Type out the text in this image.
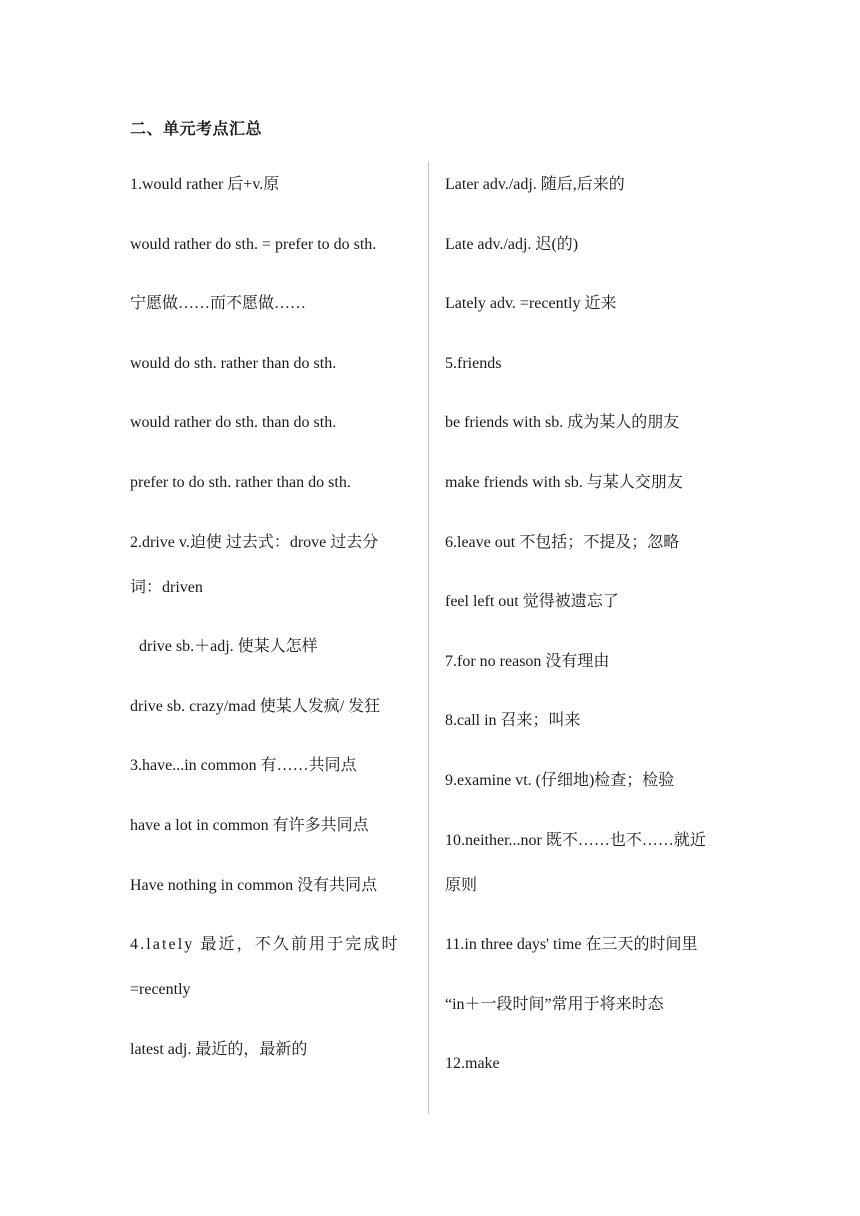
二、单元考点汇总
1.would rather 后+v.原
would rather do sth. = prefer to do sth.
宁愿做……而不愿做……
would do sth. rather than do sth.
would rather do sth. than do sth.
prefer to do sth. rather than do sth.
2.drive v.迫使 过去式：drove 过去分
词：driven
drive sb.＋adj. 使某人怎样
drive sb. crazy/mad 使某人发疯/ 发狂
3.have...in common 有……共同点
have a lot in common 有许多共同点
Have nothing in common 没有共同点
4.lately 最近，不久前用于完成时
=recently
latest adj. 最近的，最新的
Later adv./adj. 随后,后来的
Late adv./adj. 迟(的)
Lately adv. =recently 近来
5.friends
be friends with sb. 成为某人的朋友
make friends with sb. 与某人交朋友
6.leave out 不包括；不提及；忽略
feel left out 觉得被遗忘了
7.for no reason 没有理由
8.call in 召来；叫来
9.examine vt. (仔细地)检查；检验
10.neither...nor 既不……也不……就近
原则
11.in three days' time 在三天的时间里
“in＋一段时间”常用于将来时态
12.make
